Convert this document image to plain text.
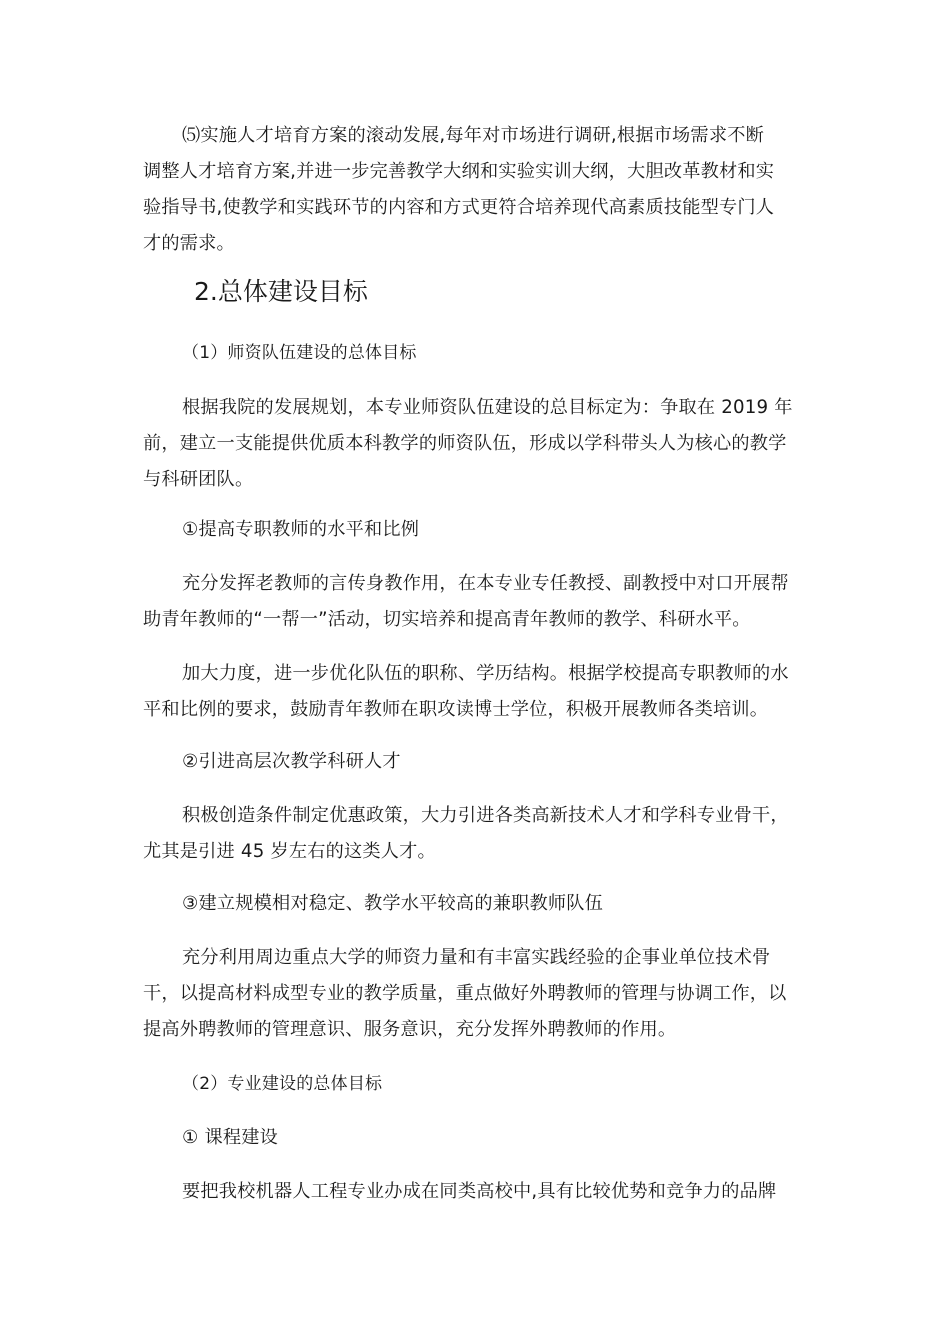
⑸实施人才培育方案的滚动发展,每年对市场进行调研,根据市场需求不断
调整人才培育方案,并进一步完善教学大纲和实验实训大纲，大胆改革教材和实
验指导书,使教学和实践环节的内容和方式更符合培养现代高素质技能型专门人
才的需求。
2.总体建设目标
（1）师资队伍建设的总体目标
根据我院的发展规划，本专业师资队伍建设的总目标定为：争取在 2019 年
前，建立一支能提供优质本科教学的师资队伍，形成以学科带头人为核心的教学
与科研团队。
①提高专职教师的水平和比例
充分发挥老教师的言传身教作用，在本专业专任教授、副教授中对口开展帮
助青年教师的“一帮一”活动，切实培养和提高青年教师的教学、科研水平。
加大力度，进一步优化队伍的职称、学历结构。根据学校提高专职教师的水
平和比例的要求，鼓励青年教师在职攻读博士学位，积极开展教师各类培训。
②引进高层次教学科研人才
积极创造条件制定优惠政策，大力引进各类高新技术人才和学科专业骨干，
尤其是引进 45 岁左右的这类人才。
③建立规模相对稳定、教学水平较高的兼职教师队伍
充分利用周边重点大学的师资力量和有丰富实践经验的企事业单位技术骨
干，以提高材料成型专业的教学质量，重点做好外聘教师的管理与协调工作，以
提高外聘教师的管理意识、服务意识，充分发挥外聘教师的作用。
（2）专业建设的总体目标
① 课程建设
要把我校机器人工程专业办成在同类高校中,具有比较优势和竞争力的品牌
